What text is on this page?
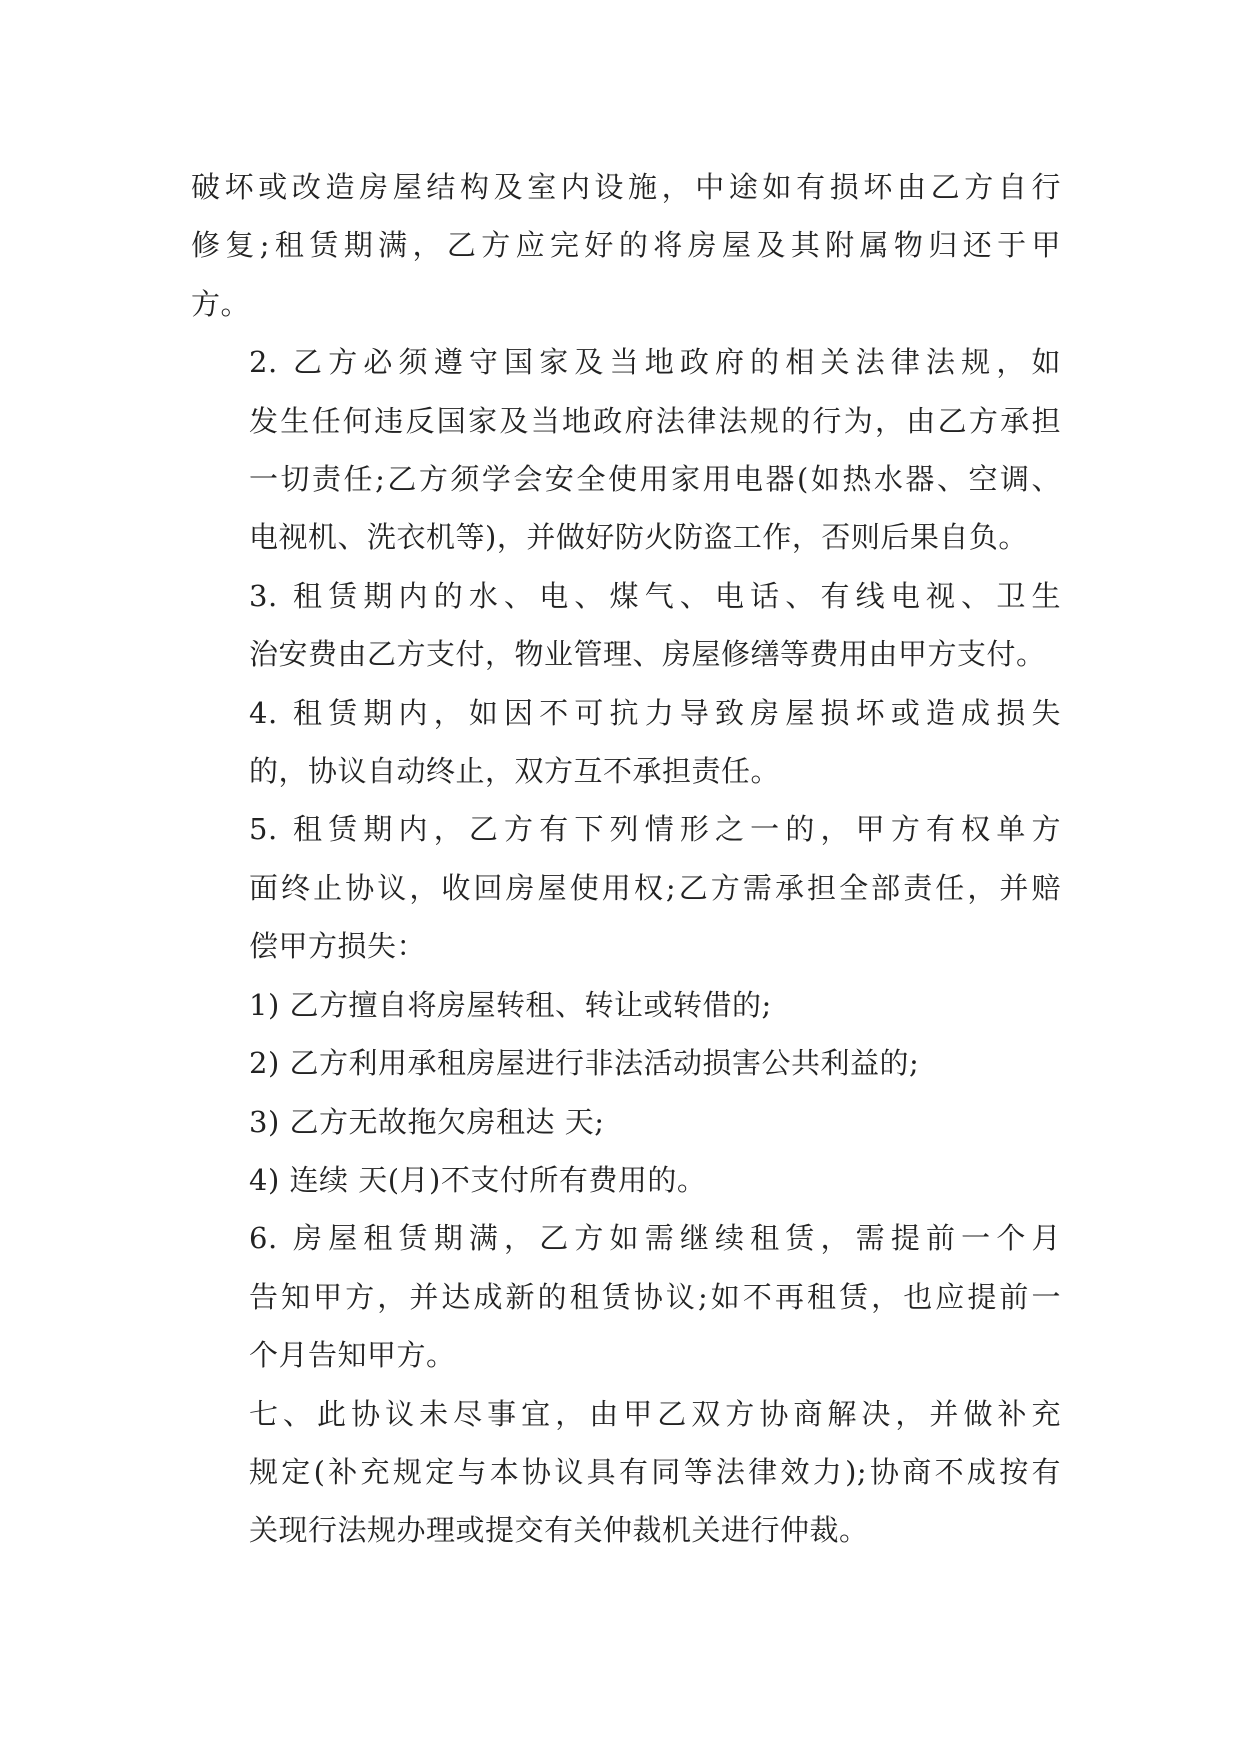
破坏或改造房屋结构及室内设施，中途如有损坏由乙方自行
修复;租赁期满，乙方应完好的将房屋及其附属物归还于甲
方。

2. 乙方必须遵守国家及当地政府的相关法律法规，如
发生任何违反国家及当地政府法律法规的行为，由乙方承担
一切责任;乙方须学会安全使用家用电器(如热水器、空调、
电视机、洗衣机等)，并做好防火防盗工作，否则后果自负。

3. 租赁期内的水、电、煤气、电话、有线电视、卫生
治安费由乙方支付，物业管理、房屋修缮等费用由甲方支付。

4. 租赁期内，如因不可抗力导致房屋损坏或造成损失
的，协议自动终止，双方互不承担责任。

5. 租赁期内，乙方有下列情形之一的，甲方有权单方
面终止协议，收回房屋使用权;乙方需承担全部责任，并赔
偿甲方损失：

1) 乙方擅自将房屋转租、转让或转借的;

2) 乙方利用承租房屋进行非法活动损害公共利益的;

3) 乙方无故拖欠房租达 天;

4) 连续 天(月)不支付所有费用的。

6. 房屋租赁期满，乙方如需继续租赁，需提前一个月
告知甲方，并达成新的租赁协议;如不再租赁，也应提前一
个月告知甲方。

七、此协议未尽事宜，由甲乙双方协商解决，并做补充
规定(补充规定与本协议具有同等法律效力);协商不成按有
关现行法规办理或提交有关仲裁机关进行仲裁。
